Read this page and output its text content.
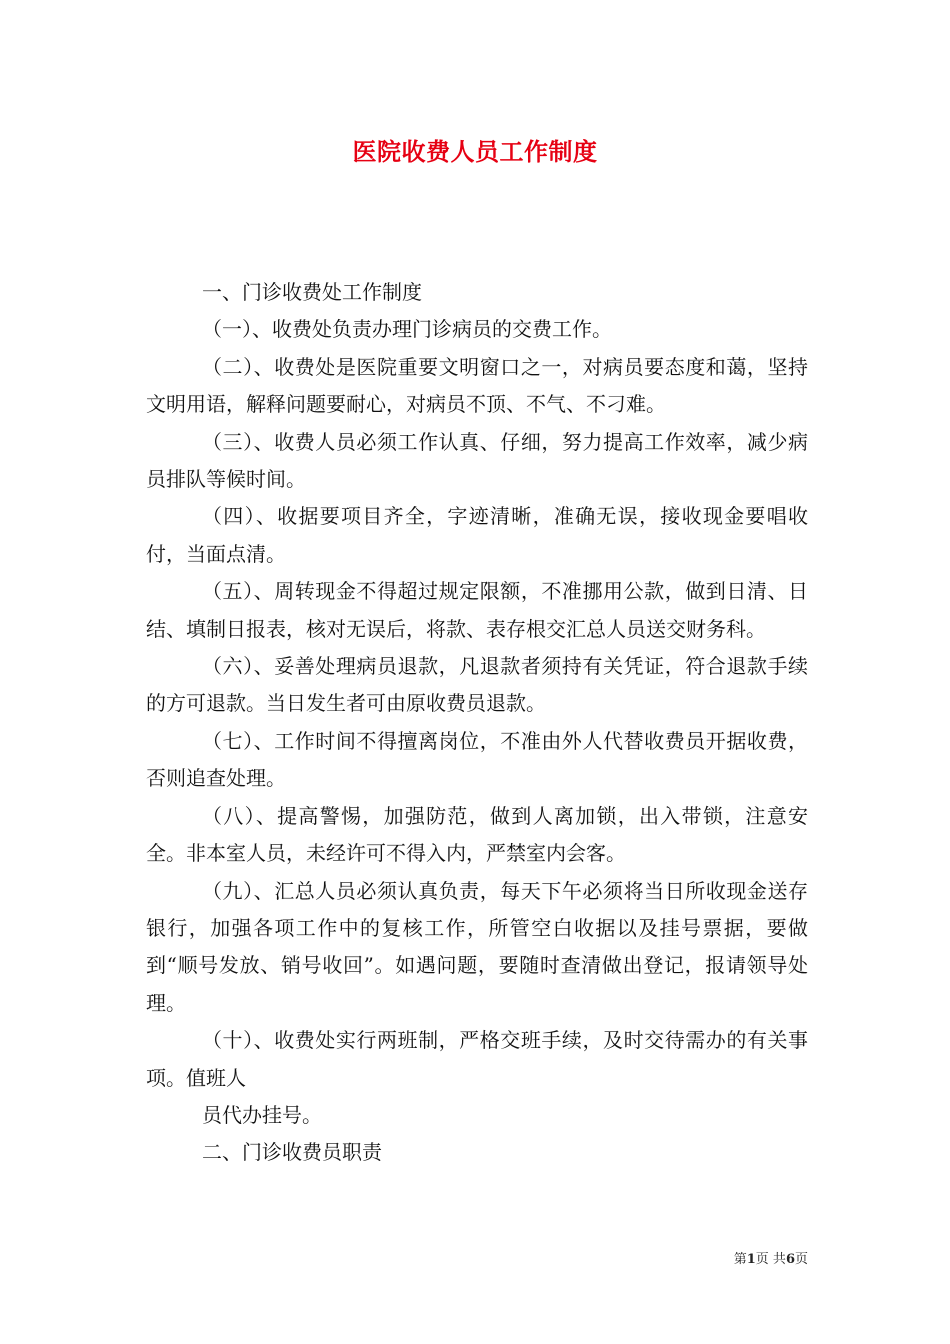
医院收费人员工作制度

一、门诊收费处工作制度

（一）、收费处负责办理门诊病员的交费工作。

（二）、收费处是医院重要文明窗口之一，对病员要态度和蔼，坚持文明用语，解释问题要耐心，对病员不顶、不气、不刁难。

（三）、收费人员必须工作认真、仔细，努力提高工作效率，减少病员排队等候时间。

（四）、收据要项目齐全，字迹清晰，准确无误，接收现金要唱收付，当面点清。

（五）、周转现金不得超过规定限额，不准挪用公款，做到日清、日结、填制日报表，核对无误后，将款、表存根交汇总人员送交财务科。

（六）、妥善处理病员退款，凡退款者须持有关凭证，符合退款手续的方可退款。当日发生者可由原收费员退款。

（七）、工作时间不得擅离岗位，不准由外人代替收费员开据收费，否则追查处理。

（八）、提高警惕，加强防范，做到人离加锁，出入带锁，注意安全。非本室人员，未经许可不得入内，严禁室内会客。

（九）、汇总人员必须认真负责，每天下午必须将当日所收现金送存银行，加强各项工作中的复核工作，所管空白收据以及挂号票据，要做到“顺号发放、销号收回”。如遇问题，要随时查清做出登记，报请领导处理。

（十）、收费处实行两班制，严格交班手续，及时交待需办的有关事项。值班人

员代办挂号。

二、门诊收费员职责

第1页 共6页
